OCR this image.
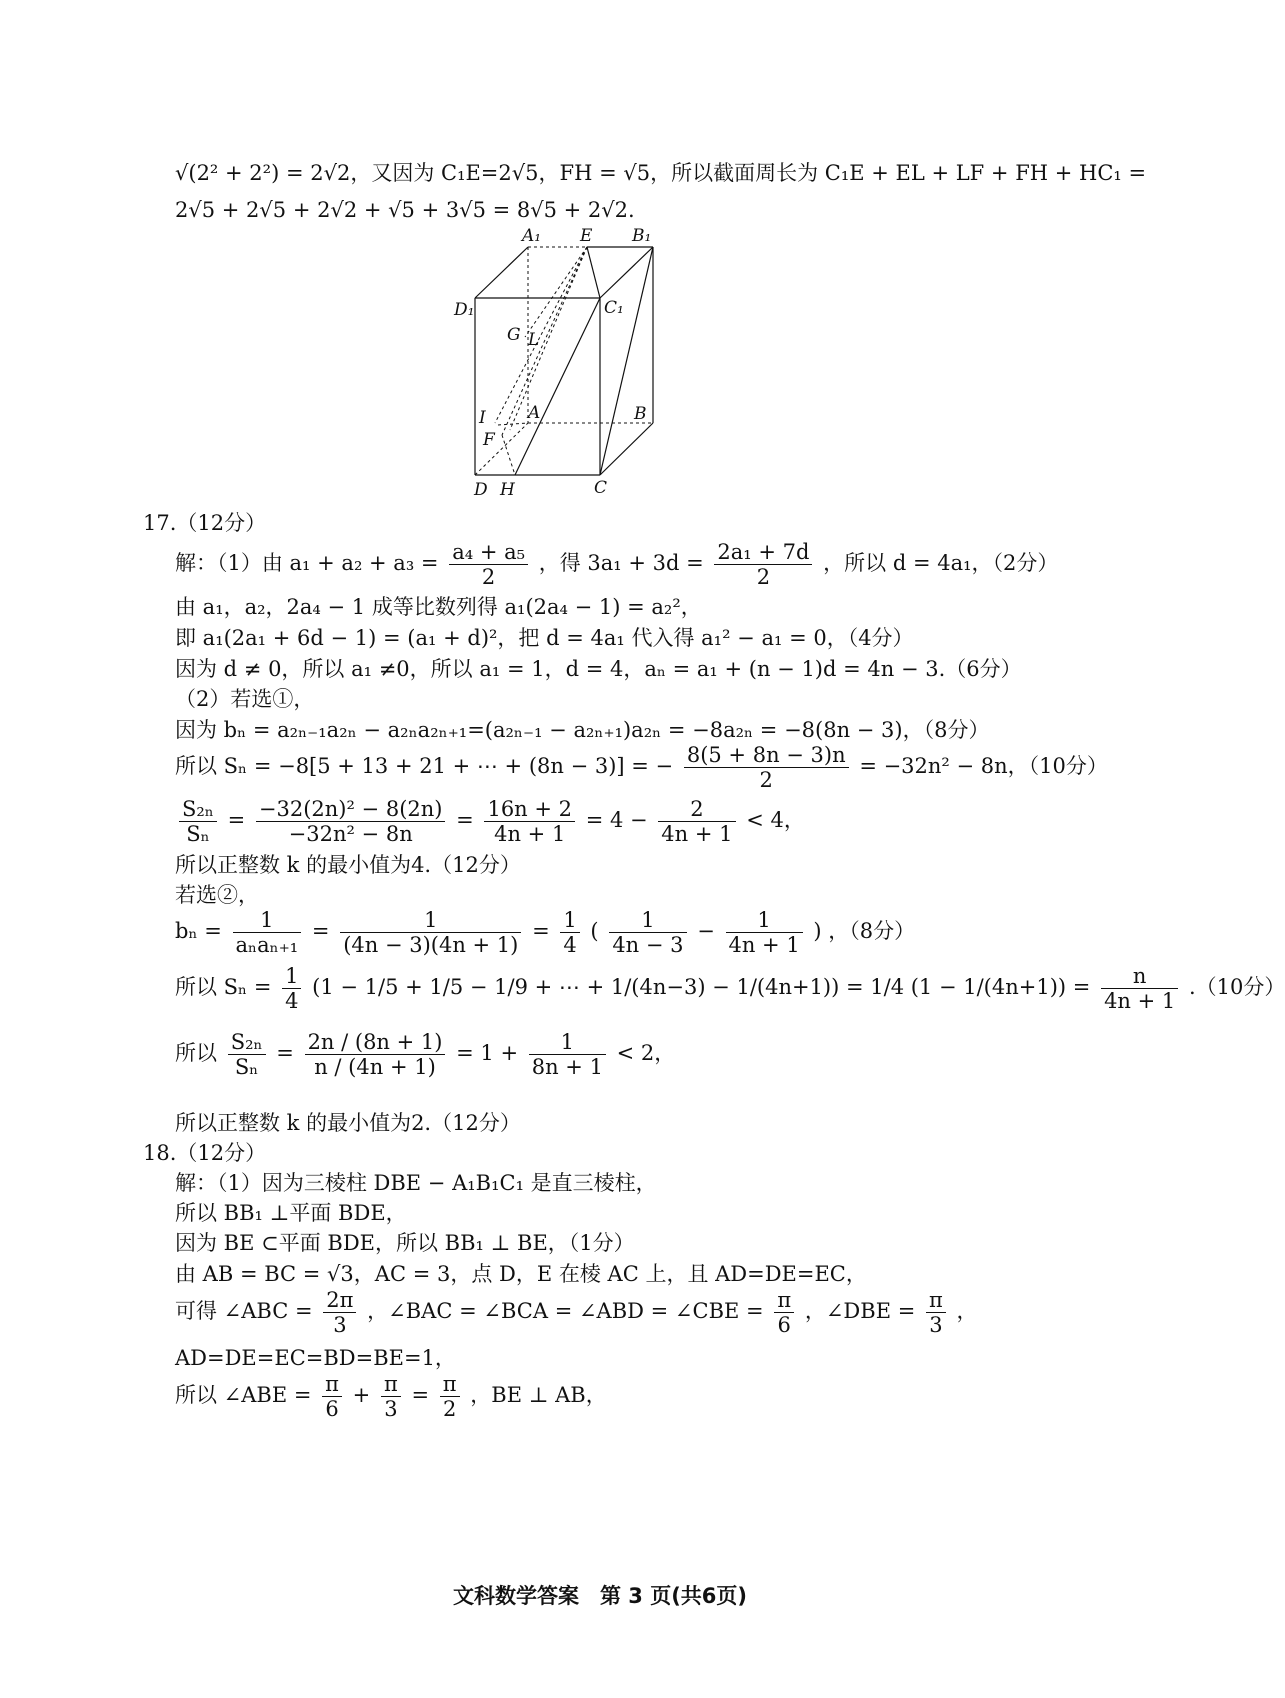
√(2² + 2²) = 2√2，又因为 C₁E=2√5，FH = √5，所以截面周长为 C₁E + EL + LF + FH + HC₁ =
2√5 + 2√5 + 2√2 + √5 + 3√5 = 8√5 + 2√2.
A₁ E B₁
D₁	C₁
G L
I A	B
F
D H	C
17.（12分）
解：（1）由 $a_1 + a_2 + a_3 = \frac{\text{a₄ + a₅}}{2}$ ，得 $3a_1 + 3d = \frac{\text{2a₁ + 7d}}{2}$ ，所以 d = 4a₁，（2分）
由 a₁，a₂，2a₄ − 1 成等比数列得 a₁(2a₄ − 1) = a₂²，
即 a₁(2a₁ + 6d − 1) = (a₁ + d)²，把 d = 4a₁ 代入得 a₁² − a₁ = 0，（4分）
因为 d ≠ 0，所以 a₁ ≠0，所以 a₁ = 1，d = 4，aₙ = a₁ + (n − 1)d = 4n − 3.（6分）
（2）若选①，
因为 bₙ = a₂ₙ₋₁a₂ₙ − a₂ₙa₂ₙ₊₁=(a₂ₙ₋₁ − a₂ₙ₊₁)a₂ₙ = −8a₂ₙ = −8(8n − 3)，（8分）
所以 Sₙ = −8[5 + 13 + 21 + ⋯ + (8n − 3)] = − $\frac{8(5 + 8n - 3)n}{2} = -32n^2 - 8n$，（10分）
$\frac{\text{S₂ₙ}}{\text{Sₙ}} = \frac{\text{−32(2n)² − 8(2n)}}{\text{−32n² − 8n}} = \frac{16n + 2}{4n + 1} = 4 - \frac{2}{4n + 1} < 4$，
所以正整数 k 的最小值为4.（12分）
若选②，
$b_n = \frac{1}{\text{aₙaₙ₊₁}} = \frac{1}{(4n - 3)(4n + 1)} = \frac{1}{4}$ ( $\frac{1}{4n - 3} - \frac{1}{4n + 1}$ ) ，（8分）
所以 $S_n = \frac{1}{4} (1 - 1/5 + 1/5 - 1/9$ + ⋯ + 1/(4n−3) − 1/(4n+1)) = 1/4 $(1 - 1/(4n+1)) = \frac{n}{4n + 1} .(10$分）
所以 $\frac{\text{S₂ₙ}}{\text{Sₙ}} = \frac{2n / (8n + 1)}{n / (4n + 1)} = 1 + \frac{1}{8n + 1} < 2$，
所以正整数 k 的最小值为2.（12分）
18.（12分）
解：（1）因为三棱柱 DBE − A₁B₁C₁ 是直三棱柱，
所以 BB₁ ⊥平面 BDE，
因为 BE ⊂平面 BDE，所以 BB₁ ⊥ BE，（1分）
由 AB = BC = √3，AC = 3，点 D，E 在棱 AC 上，且 AD=DE=EC，
可得 ∠ABC = $\frac{2\pi}{3}$ ，∠BAC = ∠BCA = ∠ABD = ∠CBE = $\frac{\pi}{6}$ ，∠DBE = $\frac{\pi}{3}$ ，
AD=DE=EC=BD=BE=1，
所以 ∠ABE = $\frac{\pi}{6} + \frac{\pi}{3} = \frac{\pi}{2}$ ，BE ⊥ AB，
文科数学答案　第 3 页(共6页)
